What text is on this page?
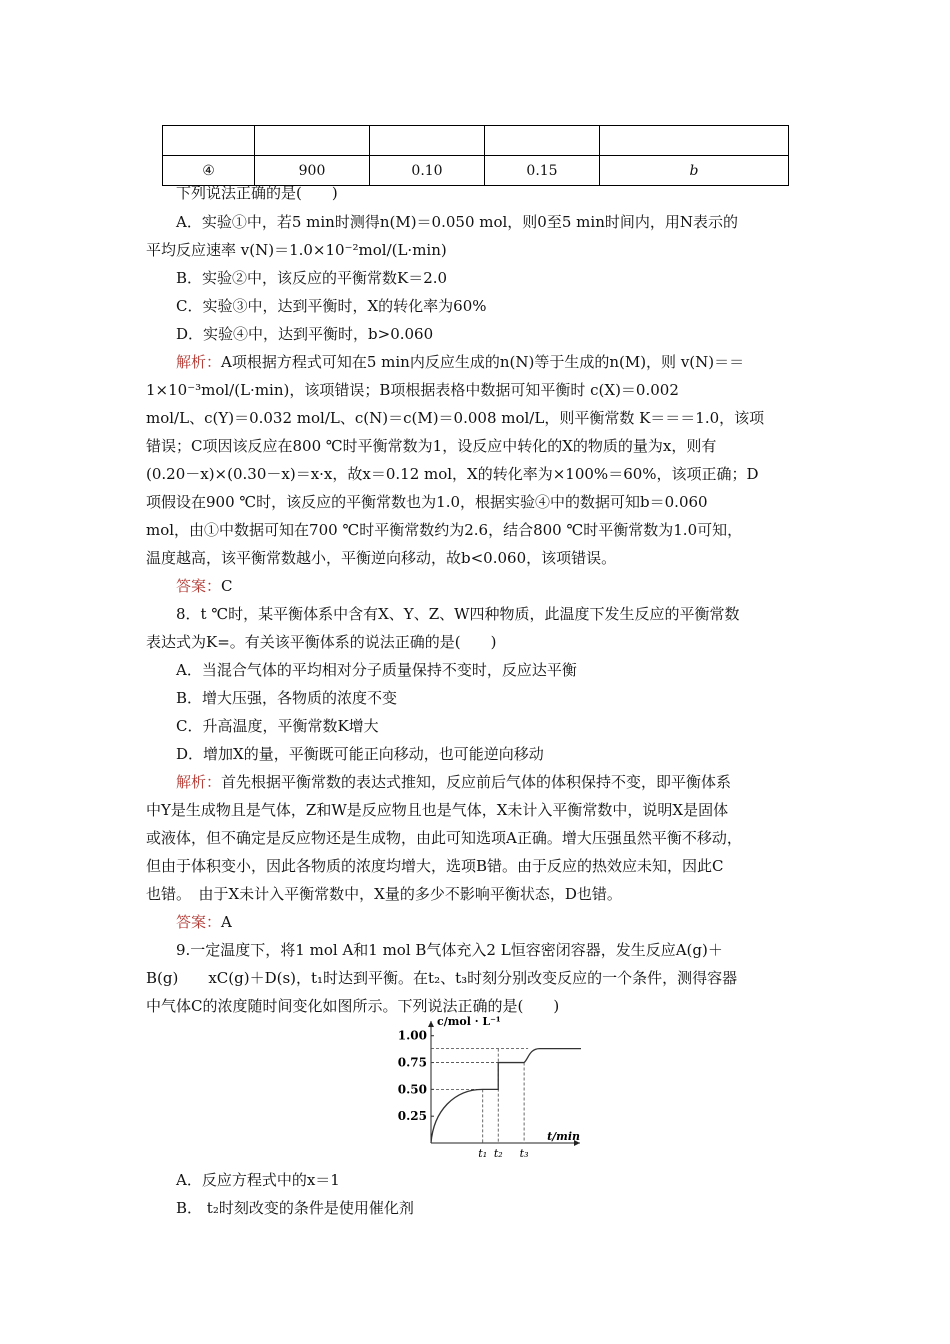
④	900	0.10	0.15	b
下列说法正确的是(　　)
A．实验①中，若5 min时测得n(M)＝0.050 mol，则0至5 min时间内，用N表示的
平均反应速率 v(N)＝1.0×10⁻²mol/(L·min)
B．实验②中，该反应的平衡常数K＝2.0
C．实验③中，达到平衡时，X的转化率为60%
D．实验④中，达到平衡时，b>0.060
解析：A项根据方程式可知在5 min内反应生成的n(N)等于生成的n(M)，则 v(N)＝＝
1×10⁻³mol/(L·min)，该项错误；B项根据表格中数据可知平衡时 c(X)＝0.002
mol/L、c(Y)＝0.032 mol/L、c(N)＝c(M)＝0.008 mol/L，则平衡常数 K＝＝＝1.0，该项
错误；C项因该反应在800 ℃时平衡常数为1，设反应中转化的X的物质的量为x，则有
(0.20－x)×(0.30－x)＝x·x，故x＝0.12 mol，X的转化率为×100%＝60%，该项正确；D
项假设在900 ℃时，该反应的平衡常数也为1.0，根据实验④中的数据可知b＝0.060
mol，由①中数据可知在700 ℃时平衡常数约为2.6，结合800 ℃时平衡常数为1.0可知，
温度越高，该平衡常数越小，平衡逆向移动，故b<0.060，该项错误。
答案：C
8．t ℃时，某平衡体系中含有X、Y、Z、W四种物质，此温度下发生反应的平衡常数
表达式为K=。有关该平衡体系的说法正确的是(　　)
A．当混合气体的平均相对分子质量保持不变时，反应达平衡
B．增大压强，各物质的浓度不变
C．升高温度，平衡常数K增大
D．增加X的量，平衡既可能正向移动，也可能逆向移动
解析：首先根据平衡常数的表达式推知，反应前后气体的体积保持不变，即平衡体系
中Y是生成物且是气体，Z和W是反应物且也是气体，X未计入平衡常数中，说明X是固体
或液体，但不确定是反应物还是生成物，由此可知选项A正确。增大压强虽然平衡不移动，
但由于体积变小，因此各物质的浓度均增大，选项B错。由于反应的热效应未知，因此C
也错。　由于X未计入平衡常数中，X量的多少不影响平衡状态，D也错。
答案：A
9.一定温度下，将1 mol A和1 mol B气体充入2 L恒容密闭容器，发生反应A(g)＋
B(g)　　xC(g)＋D(s)，t₁时达到平衡。在t₂、t₃时刻分别改变反应的一个条件，测得容器
中气体C的浓度随时间变化如图所示。下列说法正确的是(　　)
1.00
0.75
0.50
0.25
t₁ t₂ t₃
c/mol · L⁻¹
t/min
A．反应方程式中的x＝1
B． t₂时刻改变的条件是使用催化剂
